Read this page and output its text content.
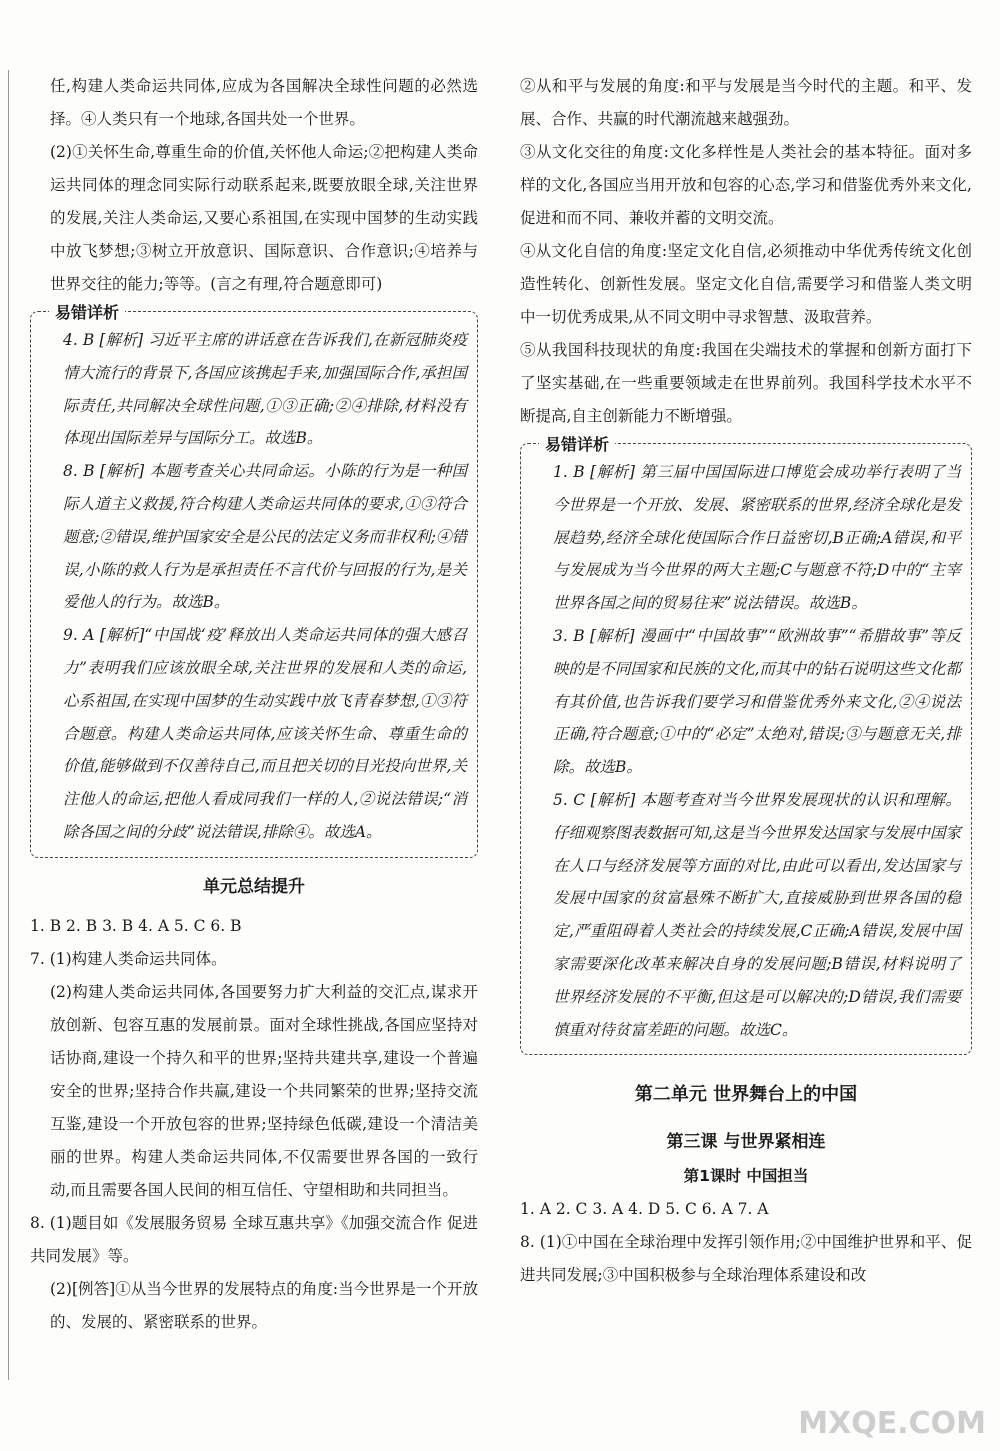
任,构建人类命运共同体,应成为各国解决全球性问题的必然选择。④人类只有一个地球,各国共处一个世界。

(2)①关怀生命,尊重生命的价值,关怀他人命运;②把构建人类命运共同体的理念同实际行动联系起来,既要放眼全球,关注世界的发展,关注人类命运,又要心系祖国,在实现中国梦的生动实践中放飞梦想;③树立开放意识、国际意识、合作意识;④培养与世界交往的能力;等等。(言之有理,符合题意即可)

易错详析

4. B [解析] 习近平主席的讲话意在告诉我们,在新冠肺炎疫情大流行的背景下,各国应该携起手来,加强国际合作,承担国际责任,共同解决全球性问题,①③正确;②④排除,材料没有体现出国际差异与国际分工。故选B。

8. B [解析] 本题考查关心共同命运。小陈的行为是一种国际人道主义救援,符合构建人类命运共同体的要求,①③符合题意;②错误,维护国家安全是公民的法定义务而非权利;④错误,小陈的救人行为是承担责任不言代价与回报的行为,是关爱他人的行为。故选B。

9. A [解析]“中国战‘疫’释放出人类命运共同体的强大感召力”表明我们应该放眼全球,关注世界的发展和人类的命运,心系祖国,在实现中国梦的生动实践中放飞青春梦想,①③符合题意。构建人类命运共同体,应该关怀生命、尊重生命的价值,能够做到不仅善待自己,而且把关切的目光投向世界,关注他人的命运,把他人看成同我们一样的人,②说法错误;“消除各国之间的分歧”说法错误,排除④。故选A。

单元总结提升

1. B 2. B 3. B 4. A 5. C 6. B

7. (1)构建人类命运共同体。

(2)构建人类命运共同体,各国要努力扩大利益的交汇点,谋求开放创新、包容互惠的发展前景。面对全球性挑战,各国应坚持对话协商,建设一个持久和平的世界;坚持共建共享,建设一个普遍安全的世界;坚持合作共赢,建设一个共同繁荣的世界;坚持交流互鉴,建设一个开放包容的世界;坚持绿色低碳,建设一个清洁美丽的世界。构建人类命运共同体,不仅需要世界各国的一致行动,而且需要各国人民间的相互信任、守望相助和共同担当。

8. (1)题目如《发展服务贸易 全球互惠共享》《加强交流合作 促进共同发展》等。

(2)[例答]①从当今世界的发展特点的角度:当今世界是一个开放的、发展的、紧密联系的世界。

②从和平与发展的角度:和平与发展是当今时代的主题。和平、发展、合作、共赢的时代潮流越来越强劲。

③从文化交往的角度:文化多样性是人类社会的基本特征。面对多样的文化,各国应当用开放和包容的心态,学习和借鉴优秀外来文化,促进和而不同、兼收并蓄的文明交流。

④从文化自信的角度:坚定文化自信,必须推动中华优秀传统文化创造性转化、创新性发展。坚定文化自信,需要学习和借鉴人类文明中一切优秀成果,从不同文明中寻求智慧、汲取营养。

⑤从我国科技现状的角度:我国在尖端技术的掌握和创新方面打下了坚实基础,在一些重要领域走在世界前列。我国科学技术水平不断提高,自主创新能力不断增强。

易错详析

1. B [解析] 第三届中国国际进口博览会成功举行表明了当今世界是一个开放、发展、紧密联系的世界,经济全球化是发展趋势,经济全球化使国际合作日益密切,B正确;A错误,和平与发展成为当今世界的两大主题;C与题意不符;D中的“主宰世界各国之间的贸易往来”说法错误。故选B。

3. B [解析] 漫画中“中国故事”“欧洲故事”“希腊故事”等反映的是不同国家和民族的文化,而其中的钻石说明这些文化都有其价值,也告诉我们要学习和借鉴优秀外来文化,②④说法正确,符合题意;①中的“必定”太绝对,错误;③与题意无关,排除。故选B。

5. C [解析] 本题考查对当今世界发展现状的认识和理解。仔细观察图表数据可知,这是当今世界发达国家与发展中国家在人口与经济发展等方面的对比,由此可以看出,发达国家与发展中国家的贫富悬殊不断扩大,直接威胁到世界各国的稳定,严重阻碍着人类社会的持续发展,C正确;A错误,发展中国家需要深化改革来解决自身的发展问题;B错误,材料说明了世界经济发展的不平衡,但这是可以解决的;D错误,我们需要慎重对待贫富差距的问题。故选C。

第二单元 世界舞台上的中国
第三课 与世界紧相连
第1课时 中国担当

1. A 2. C 3. A 4. D 5. C 6. A 7. A

8. (1)①中国在全球治理中发挥引领作用;②中国维护世界和平、促进共同发展;③中国积极参与全球治理体系建设和改

MXQE.COM
